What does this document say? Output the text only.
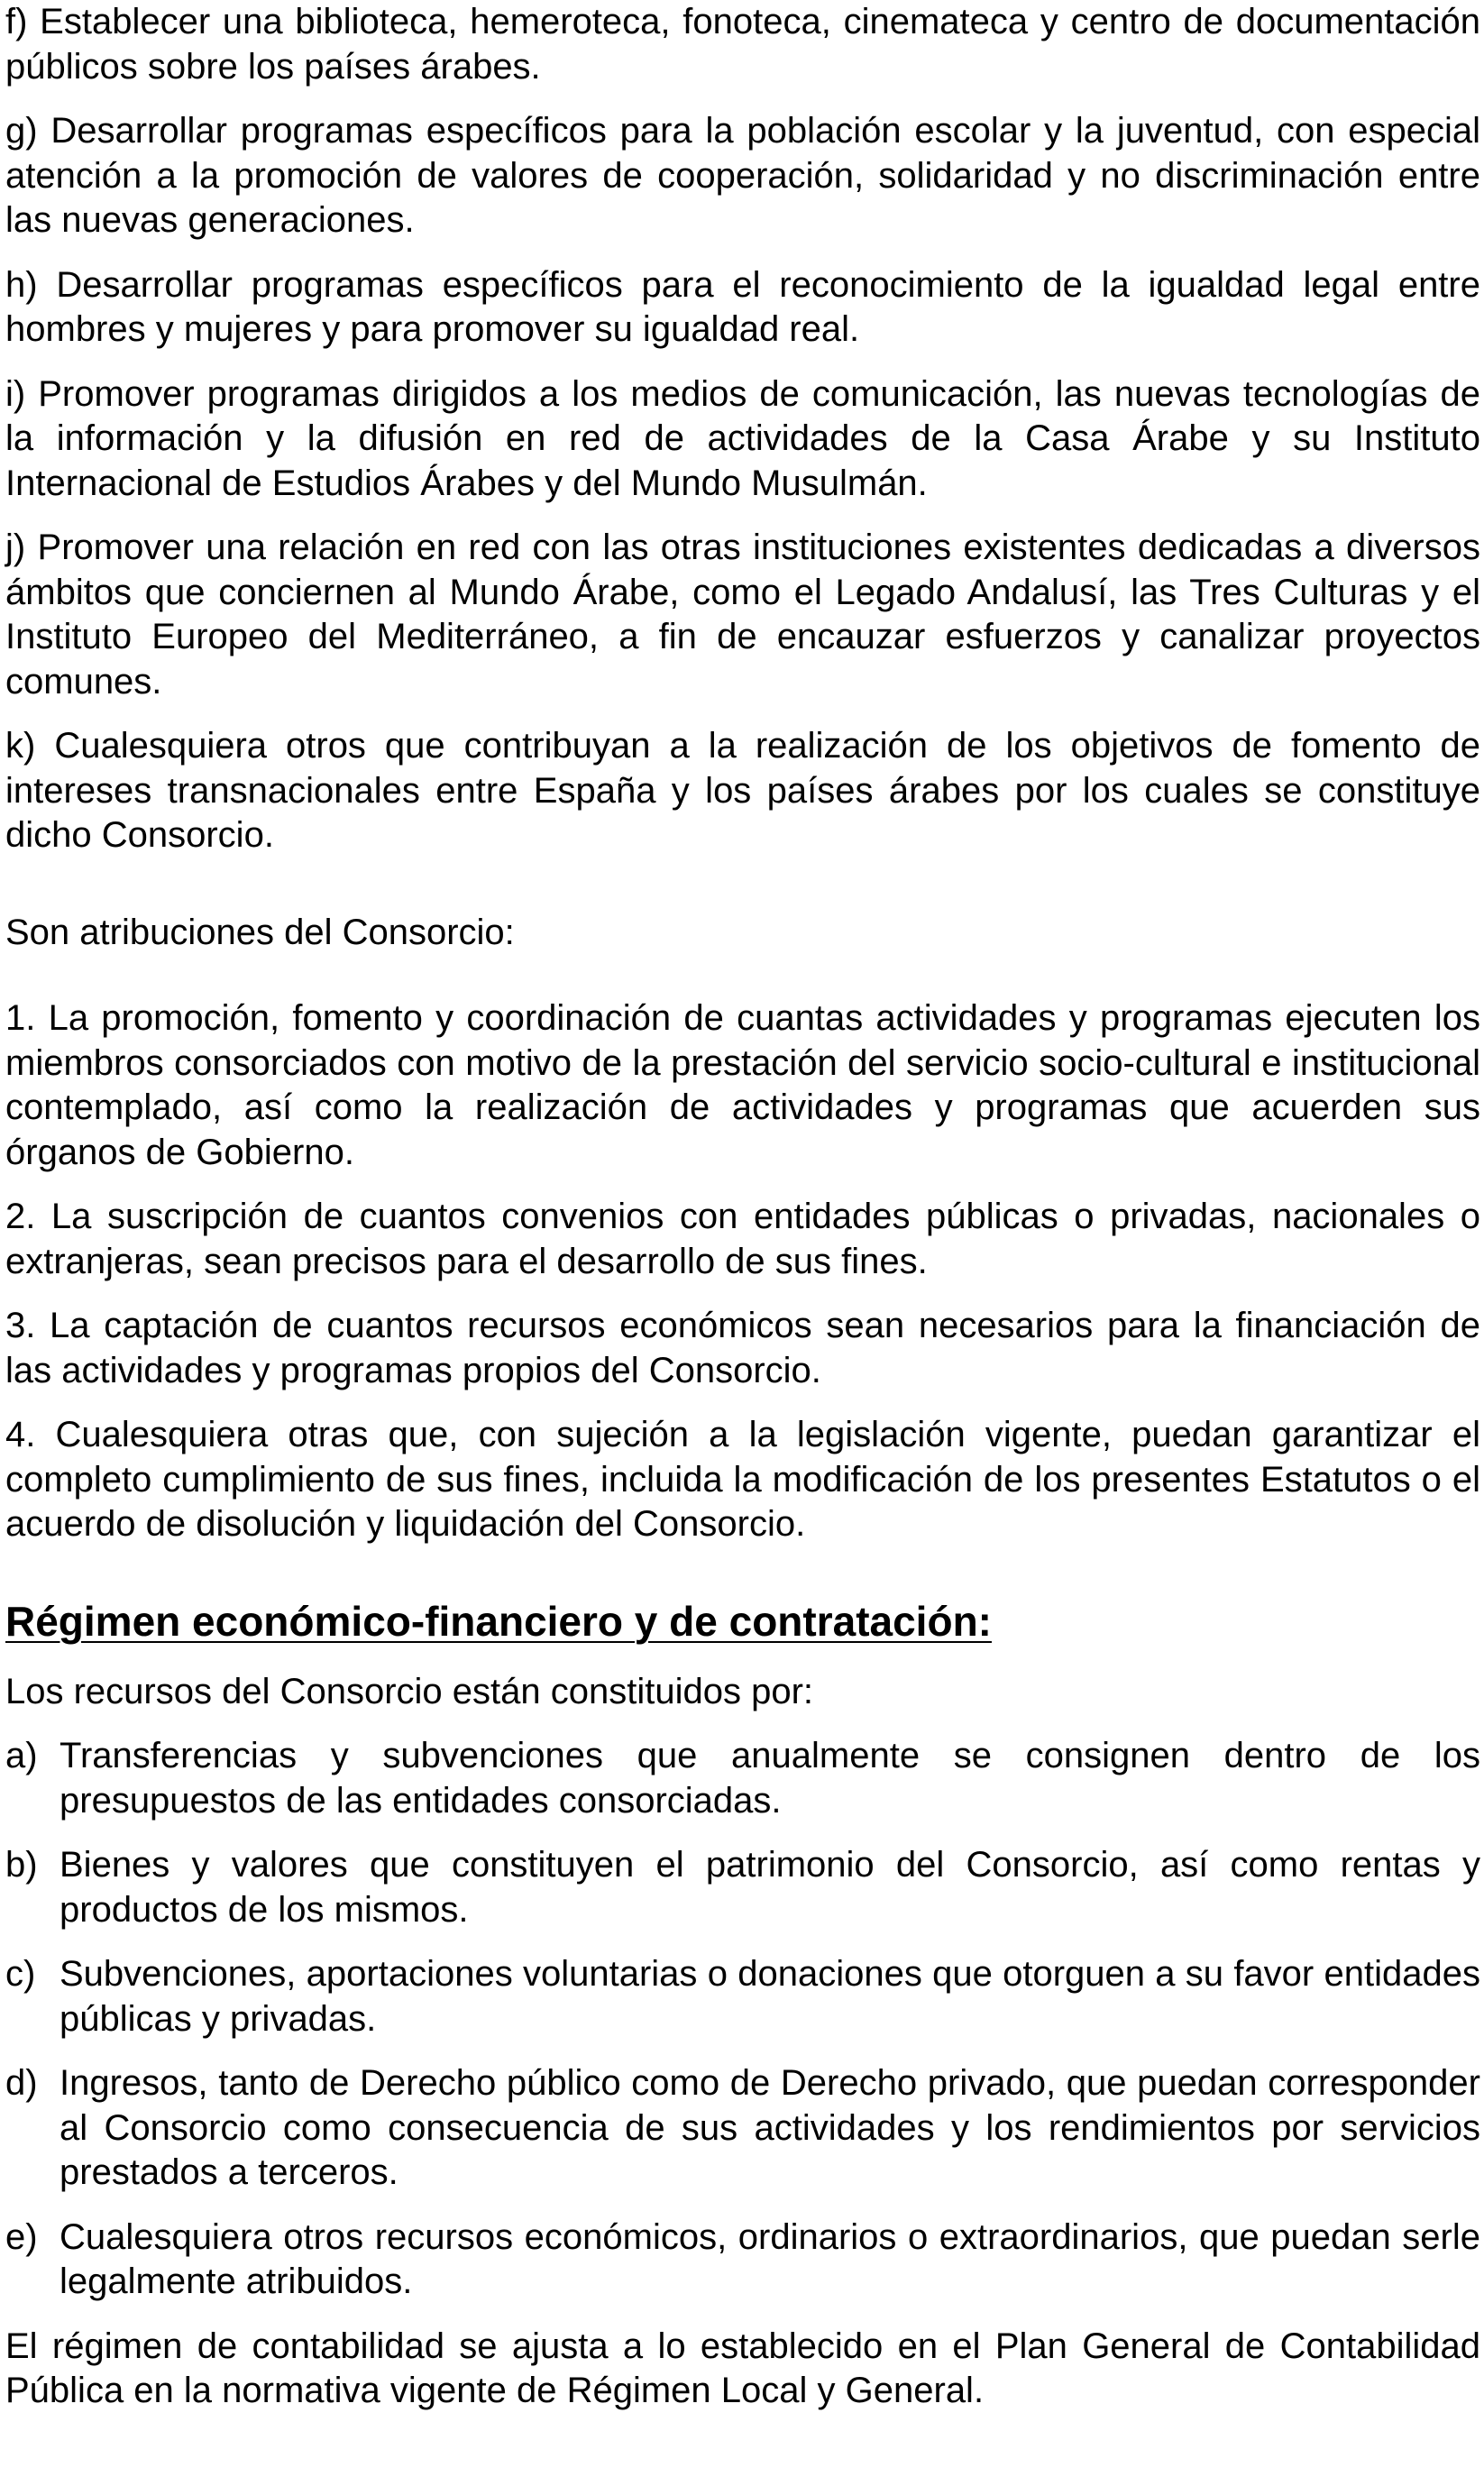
f) Establecer una biblioteca, hemeroteca, fonoteca, cinemateca y centro de documentación públicos sobre los países árabes.

g) Desarrollar programas específicos para la población escolar y la juventud, con especial atención a la promoción de valores de cooperación, solidaridad y no discriminación entre las nuevas generaciones.

h) Desarrollar programas específicos para el reconocimiento de la igualdad legal entre hombres y mujeres y para promover su igualdad real.

i) Promover programas dirigidos a los medios de comunicación, las nuevas tecnologías de la información y la difusión en red de actividades de la Casa Árabe y su Instituto Internacional de Estudios Árabes y del Mundo Musulmán.

j) Promover una relación en red con las otras instituciones existentes dedicadas a diversos ámbitos que conciernen al Mundo Árabe, como el Legado Andalusí, las Tres Culturas y el Instituto Europeo del Mediterráneo, a fin de encauzar esfuerzos y canalizar proyectos comunes.

k) Cualesquiera otros que contribuyan a la realización de los objetivos de fomento de intereses transnacionales entre España y los países árabes por los cuales se constituye dicho Consorcio.

Son atribuciones del Consorcio:

1. La promoción, fomento y coordinación de cuantas actividades y programas ejecuten los miembros consorciados con motivo de la prestación del servicio socio-cultural e institucional contemplado, así como la realización de actividades y programas que acuerden sus órganos de Gobierno.

2. La suscripción de cuantos convenios con entidades públicas o privadas, nacionales o extranjeras, sean precisos para el desarrollo de sus fines.

3. La captación de cuantos recursos económicos sean necesarios para la financiación de las actividades y programas propios del Consorcio.

4. Cualesquiera otras que, con sujeción a la legislación vigente, puedan garantizar el completo cumplimiento de sus fines, incluida la modificación de los presentes Estatutos o el acuerdo de disolución y liquidación del Consorcio.

Régimen económico-financiero y de contratación:

Los recursos del Consorcio están constituidos por:

a) Transferencias y subvenciones que anualmente se consignen dentro de los presupuestos de las entidades consorciadas.
b) Bienes y valores que constituyen el patrimonio del Consorcio, así como rentas y productos de los mismos.
c) Subvenciones, aportaciones voluntarias o donaciones que otorguen a su favor entidades públicas y privadas.
d) Ingresos, tanto de Derecho público como de Derecho privado, que puedan corresponder al Consorcio como consecuencia de sus actividades y los rendimientos por servicios prestados a terceros.
e) Cualesquiera otros recursos económicos, ordinarios o extraordinarios, que puedan serle legalmente atribuidos.

El régimen de contabilidad se ajusta a lo establecido en el Plan General de Contabilidad Pública en la normativa vigente de Régimen Local y General.
